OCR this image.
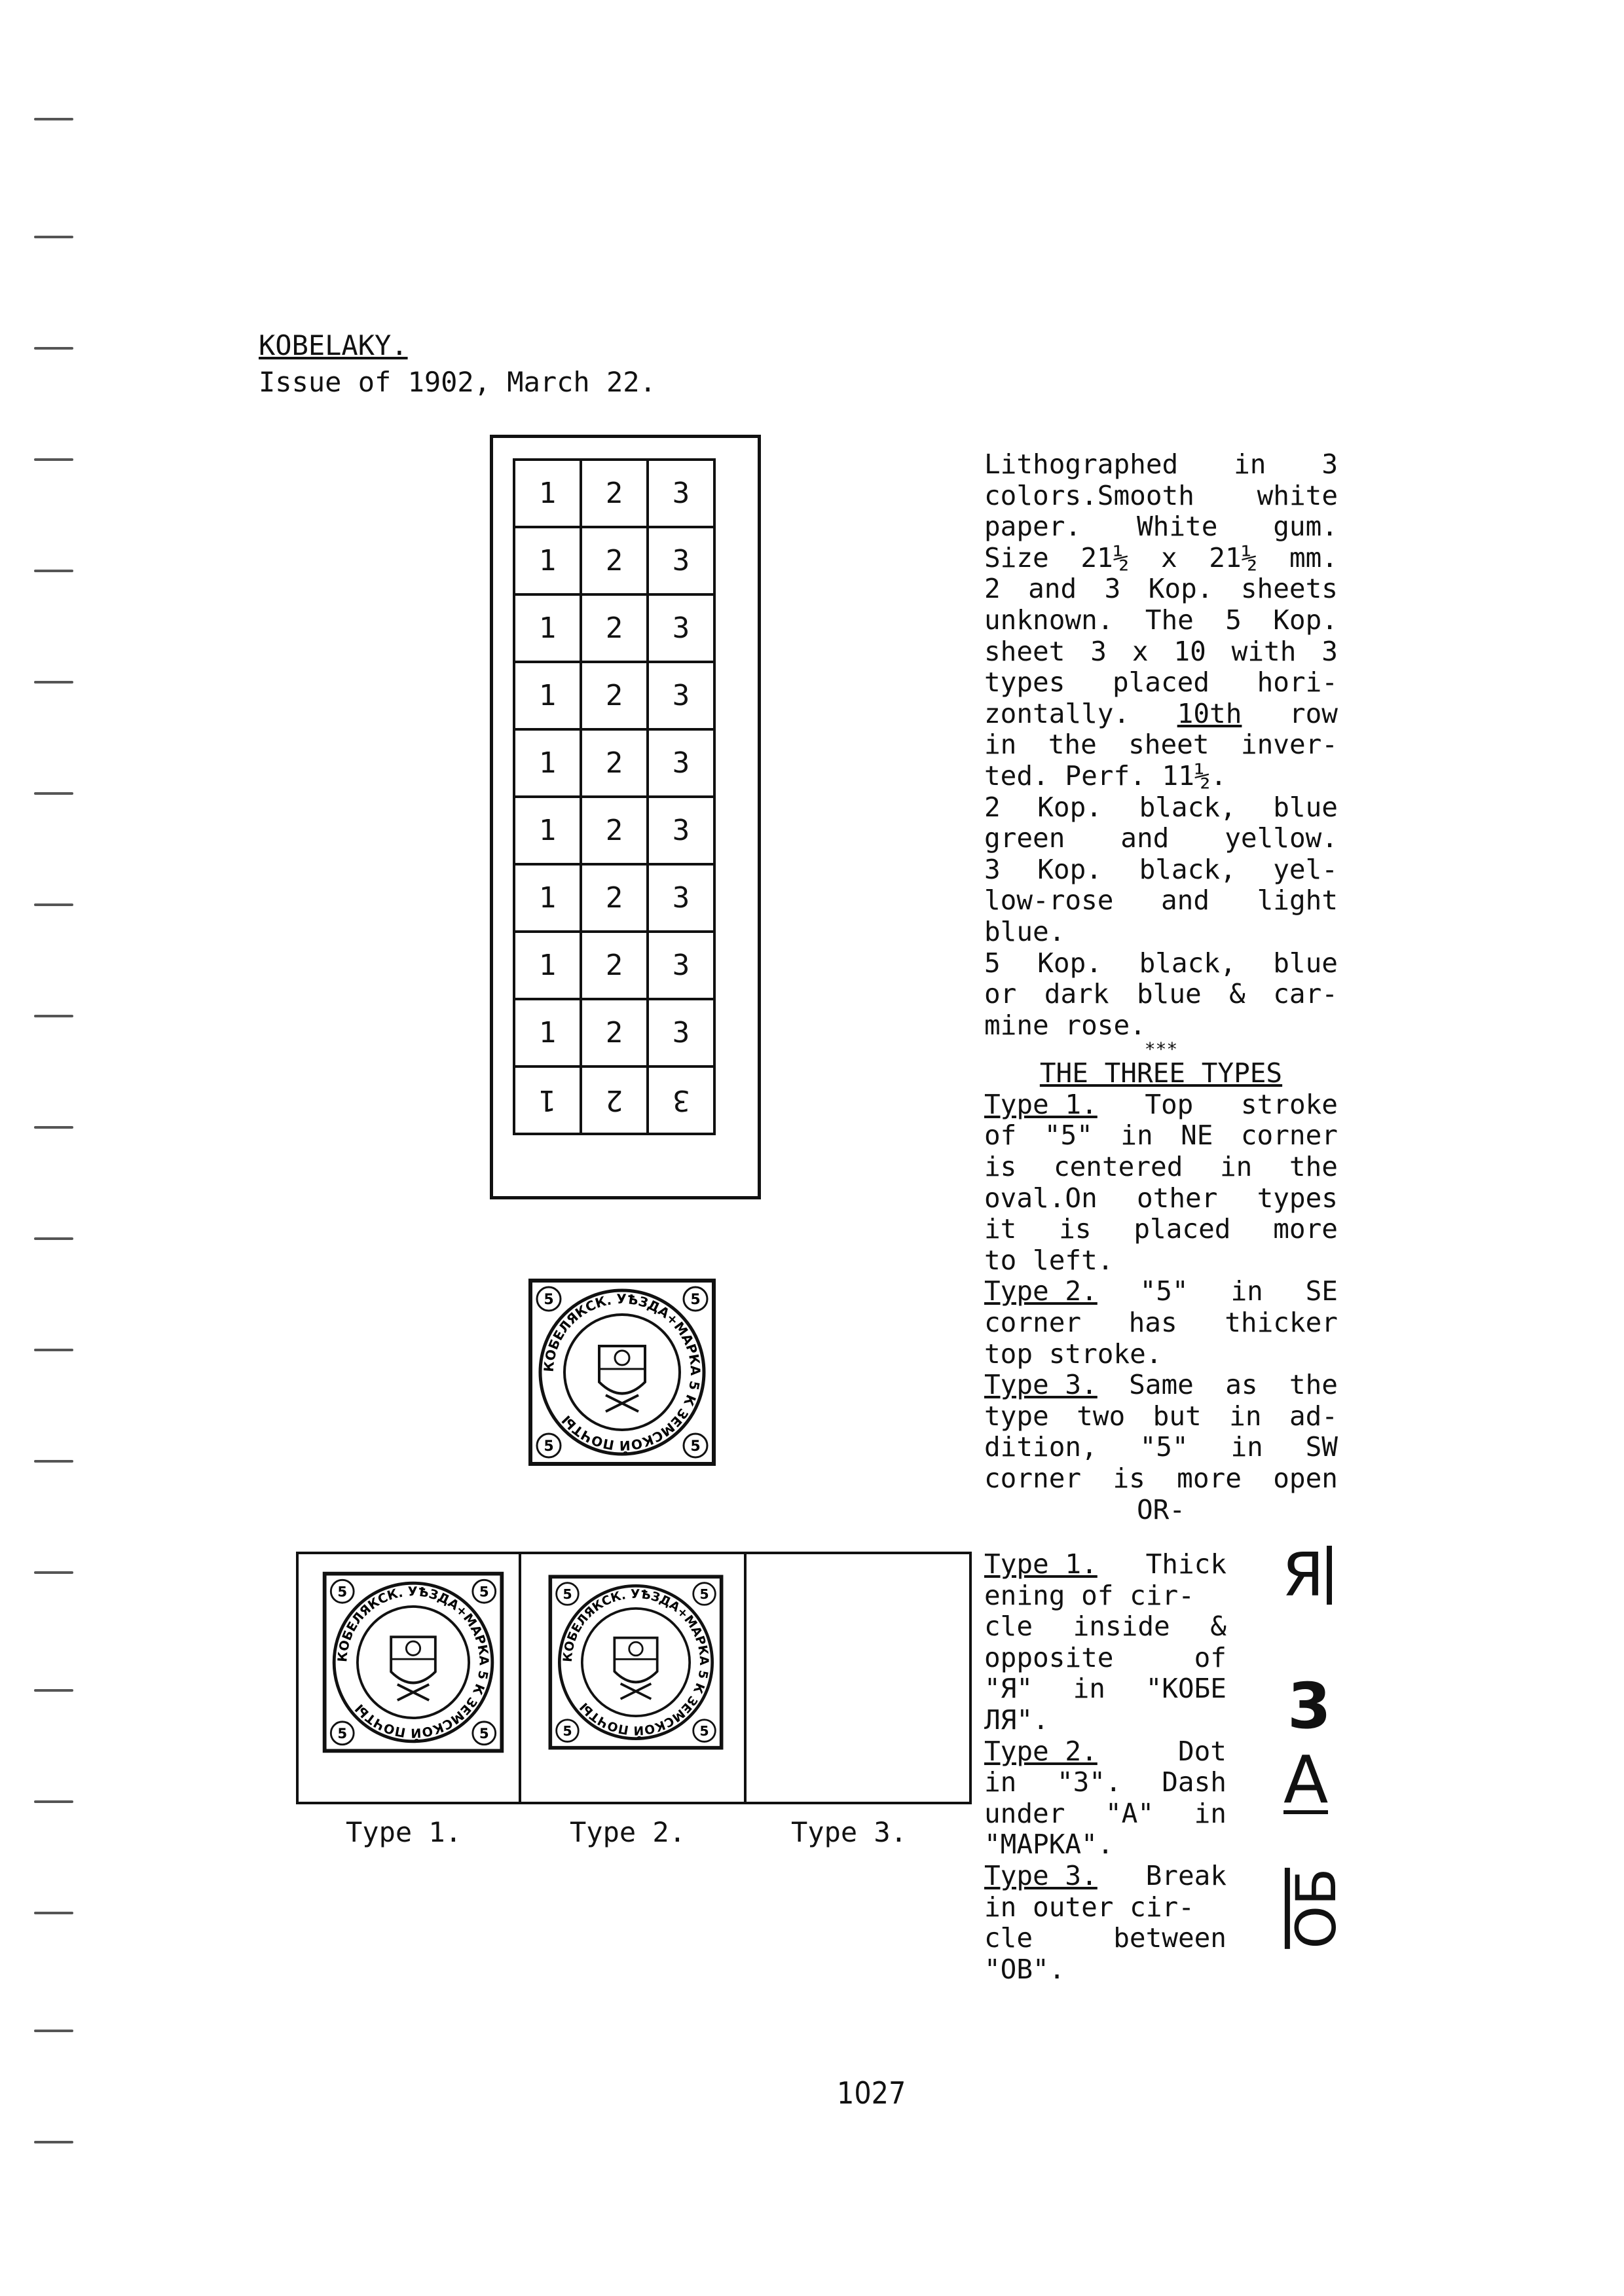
KOBELAKY.
Issue of 1902, March 22.
1	2	3
1	2	3
1	2	3
1	2	3
1	2	3
1	2	3
1	2	3
1	2	3
1	2	3
1	2	3

Lithographed in 3

colors.Smooth white

paper. White gum.

Size 21½ x 21½ mm.

2 and 3 Kop. sheets

unknown. The 5 Kop.

sheet 3 x 10 with 3

types placed hori-

zontally. 10th row

in the sheet inver-

ted. Perf. 11½.

2 Kop. black, blue

green and yellow.

3 Kop. black, yel-

low-rose and light

blue.

5 Kop. black, blue

or dark blue & car-

mine rose.

***

THE THREE TYPES

Type 1. Top stroke

of "5" in NE corner

is centered in the

oval.On other types

it is placed more

to left.

Type 2. "5" in SE

corner has thicker

top stroke.

Type 3. Same as the

type two but in ad-

dition, "5" in SW

corner is more open

OR-

Type 1. Thick

ening of cir-

cle inside &

opposite	of

"Я" in "KOБE

ЛЯ".

Type 2.	Dot

in "3". Dash

under "A" in

"MAPKA".

Type 3. Break

in outer cir-

cle	between

"OB".

Я
3
А
ОБ
5	5
5	5
КОБЕЛЯКСК. УѢЗДА+МАРКА 5 К ЗЕМСКОЙ ПОЧТЫ
5	5
5	5
КОБЕЛЯКСК. УѢЗДА+МАРКА 5 К ЗЕМСКОЙ ПОЧТЫ
5	5
5	5
КОБЕЛЯКСК. УѢЗДА+МАРКА 5 К ЗЕМСКОЙ ПОЧТЫ
Type 1.	Type 2.	Type 3.
1027
